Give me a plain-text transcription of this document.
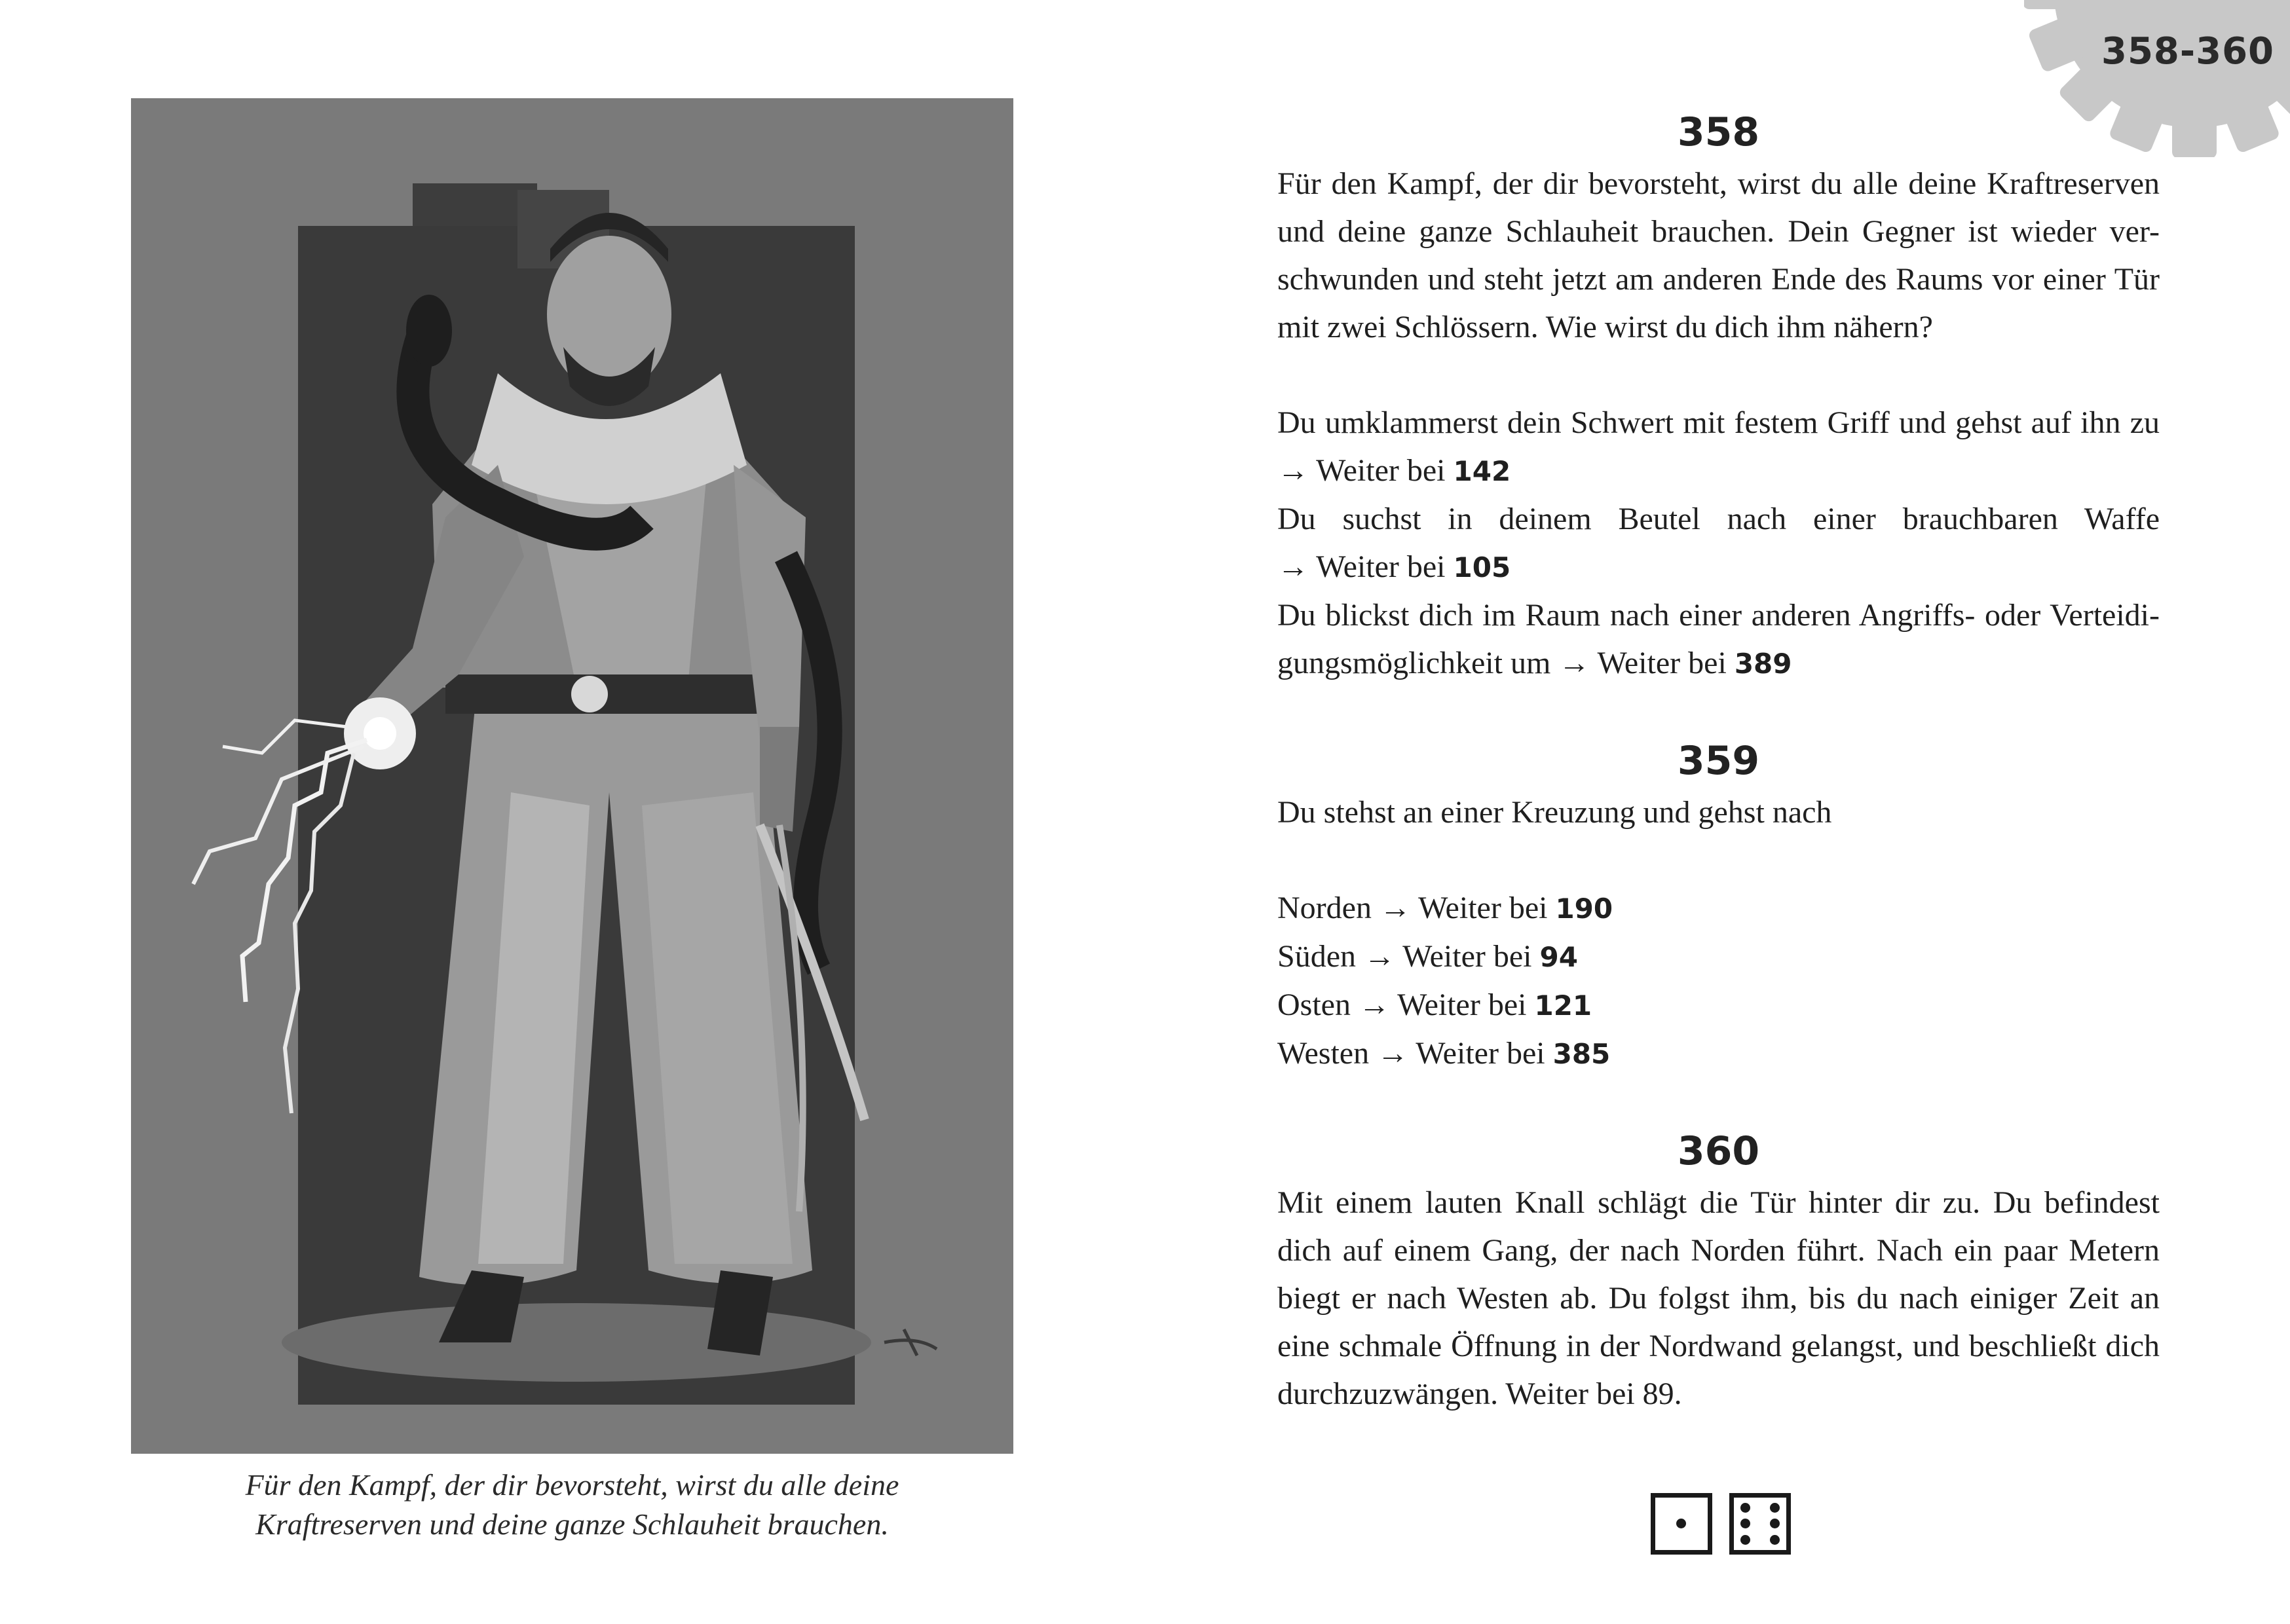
358-360
Für den Kampf, der dir bevorsteht, wirst du alle deine
Kraftreserven und deine ganze Schlauheit brauchen.
358
Für den Kampf, der dir bevorsteht, wirst du alle deine Kraftreserven
und deine ganze Schlauheit brauchen. Dein Gegner ist wieder ver-
schwunden und steht jetzt am anderen Ende des Raums vor einer Tür
mit zwei Schlössern. Wie wirst du dich ihm nähern?
Du umklammerst dein Schwert mit festem Griff und gehst auf ihn zu
→ Weiter bei 142
Du suchst in deinem Beutel nach einer brauchbaren Waffe
→ Weiter bei 105
Du blickst dich im Raum nach einer anderen Angriffs- oder Verteidi-
gungsmöglichkeit um → Weiter bei 389
359

Du stehst an einer Kreuzung und gehst nach

Norden → Weiter bei 190
Süden → Weiter bei 94
Osten → Weiter bei 121
Westen → Weiter bei 385
360
Mit einem lauten Knall schlägt die Tür hinter dir zu. Du befindest
dich auf einem Gang, der nach Norden führt. Nach ein paar Metern
biegt er nach Westen ab. Du folgst ihm, bis du nach einiger Zeit an
eine schmale Öffnung in der Nordwand gelangst, und beschließt dich
durchzuzwängen. Weiter bei 89.
